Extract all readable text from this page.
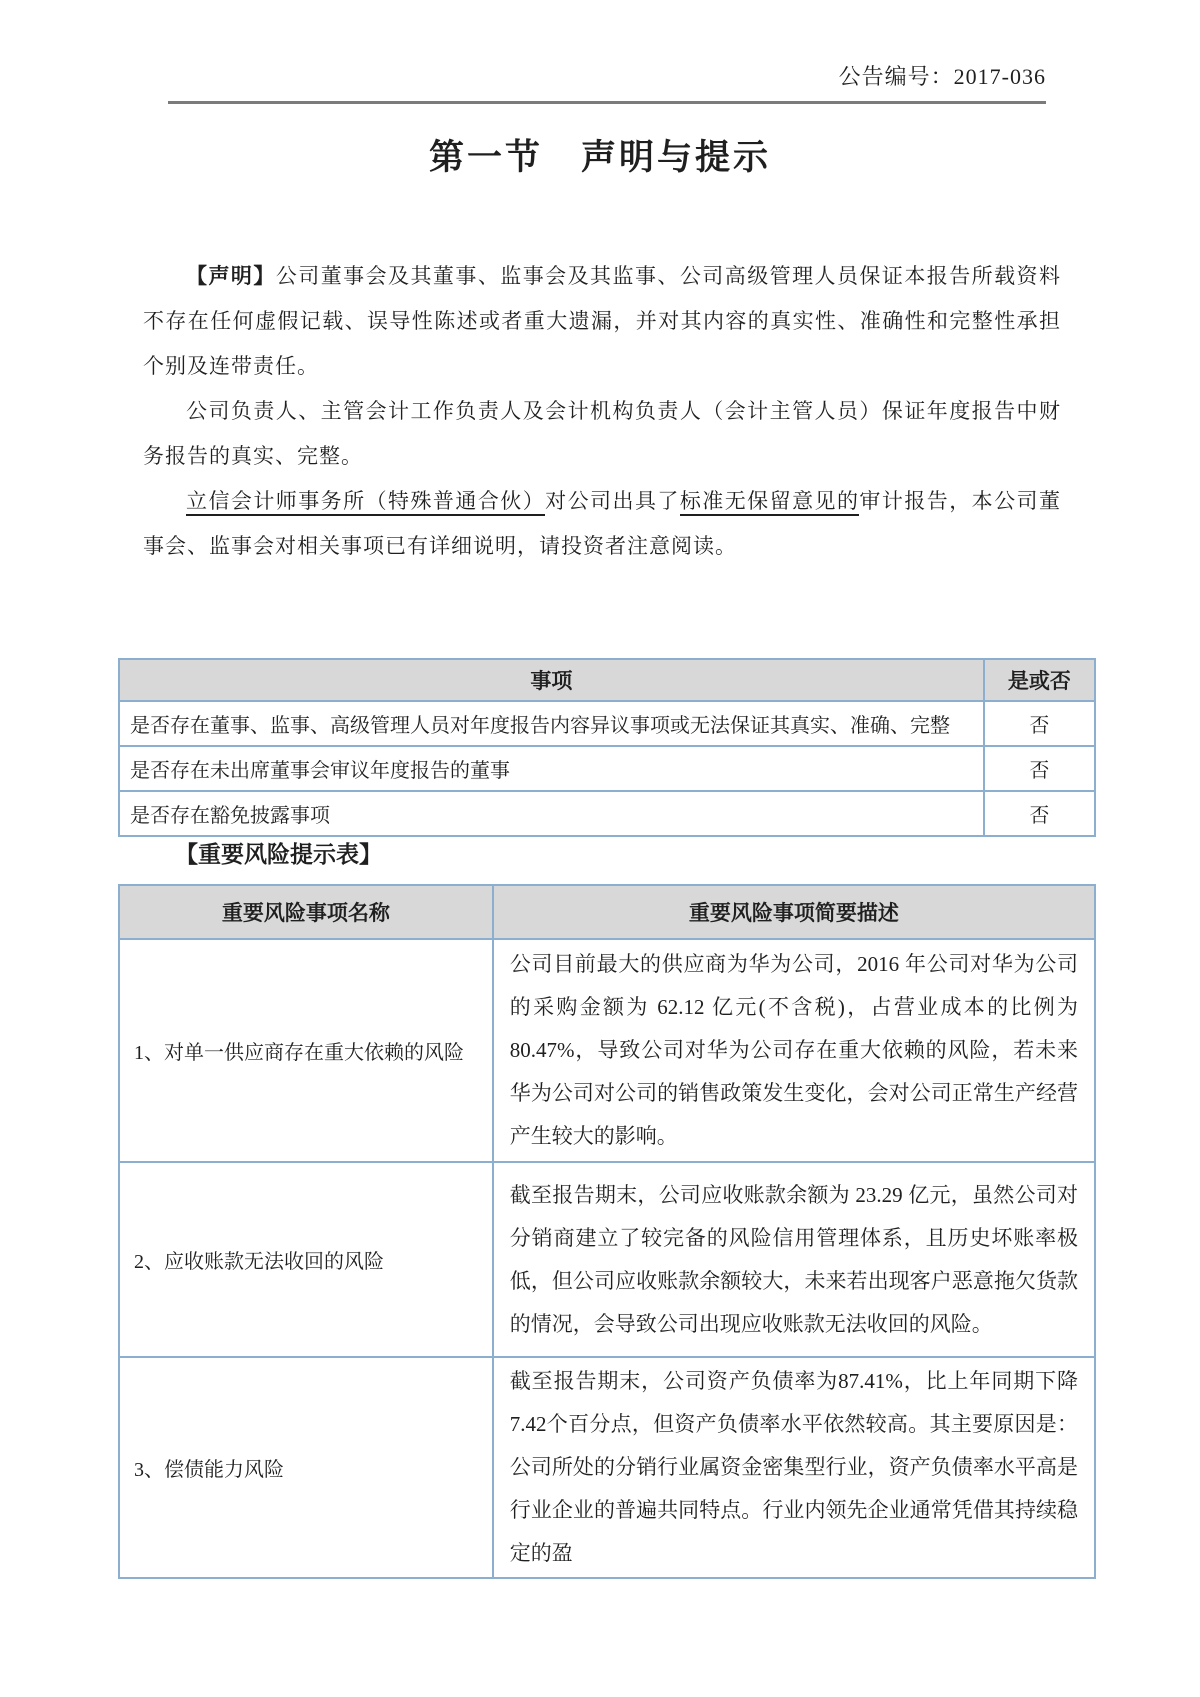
公告编号：2017-036
第一节　声明与提示

【声明】公司董事会及其董事、监事会及其监事、公司高级管理人员保证本报告所载资料不存在任何虚假记载、误导性陈述或者重大遗漏，并对其内容的真实性、准确性和完整性承担个别及连带责任。

公司负责人、主管会计工作负责人及会计机构负责人（会计主管人员）保证年度报告中财务报告的真实、完整。

立信会计师事务所（特殊普通合伙）对公司出具了标准无保留意见的审计报告，本公司董事会、监事会对相关事项已有详细说明，请投资者注意阅读。

事项	是或否
是否存在董事、监事、高级管理人员对年度报告内容异议事项或无法保证其真实、准确、完整	否
是否存在未出席董事会审议年度报告的董事	否
是否存在豁免披露事项	否

【重要风险提示表】

重要风险事项名称	重要风险事项简要描述
1、对单一供应商存在重大依赖的风险	公司目前最大的供应商为华为公司，2016 年公司对华为公司的采购金额为 62.12 亿元(不含税)，占营业成本的比例为 80.47%，导致公司对华为公司存在重大依赖的风险，若未来华为公司对公司的销售政策发生变化，会对公司正常生产经营产生较大的影响。
2、应收账款无法收回的风险	截至报告期末，公司应收账款余额为 23.29 亿元，虽然公司对分销商建立了较完备的风险信用管理体系，且历史坏账率极低，但公司应收账款余额较大，未来若出现客户恶意拖欠货款的情况，会导致公司出现应收账款无法收回的风险。
3、偿债能力风险	截至报告期末，公司资产负债率为87.41%，比上年同期下降7.42个百分点，但资产负债率水平依然较高。其主要原因是：公司所处的分销行业属资金密集型行业，资产负债率水平高是行业企业的普遍共同特点。行业内领先企业通常凭借其持续稳定的盈
